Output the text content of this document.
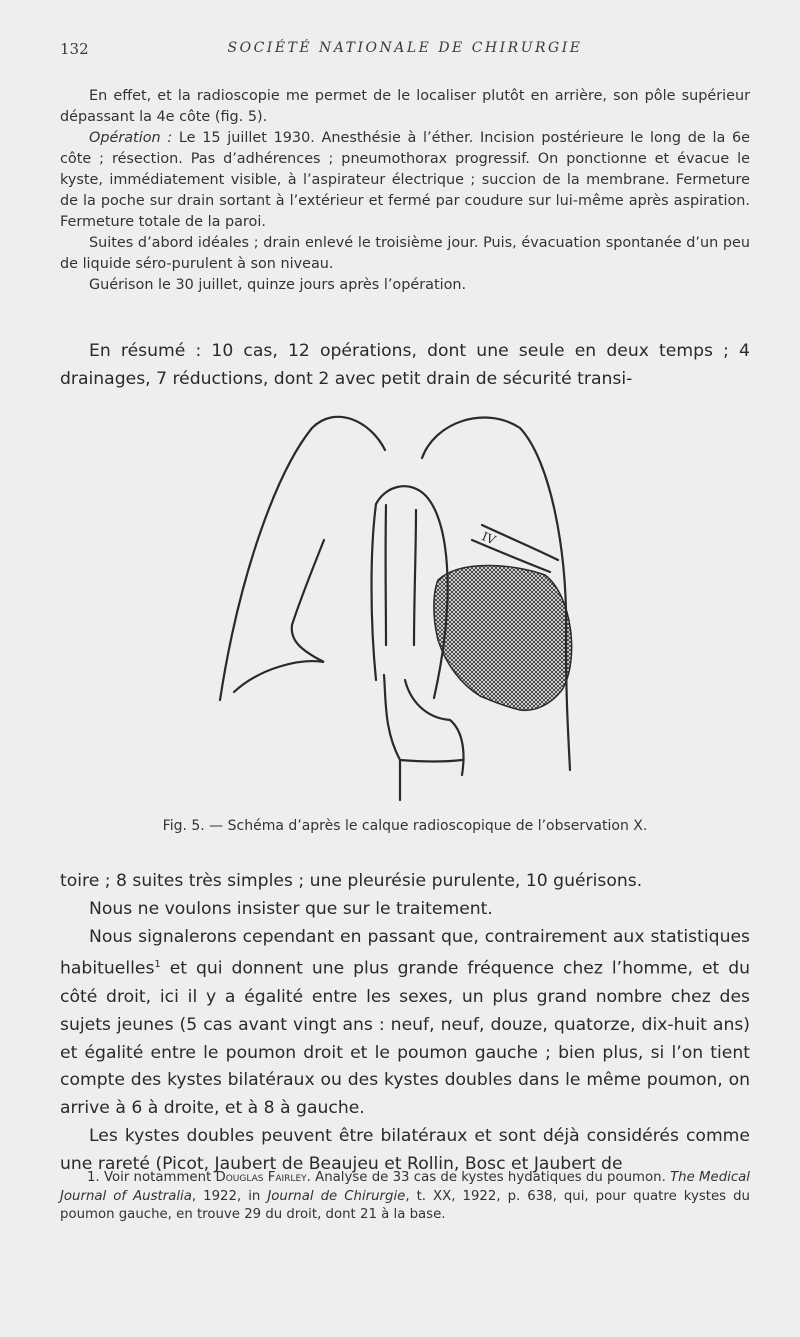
132	SOCIÉTÉ NATIONALE DE CHIRURGIE

En effet, et la radioscopie me permet de le localiser plutôt en arrière, son pôle supérieur dépassant la 4e côte (fig. 5).

Opération : Le 15 juillet 1930. Anesthésie à l’éther. Incision postérieure le long de la 6e côte ; résection. Pas d’adhérences ; pneumothorax progressif. On ponctionne et évacue le kyste, immédiatement visible, à l’aspirateur électrique ; succion de la membrane. Fermeture de la poche sur drain sortant à l’extérieur et fermé par coudure sur lui-même après aspiration. Fermeture totale de la paroi.

Suites d’abord idéales ; drain enlevé le troisième jour. Puis, évacuation spontanée d’un peu de liquide séro-purulent à son niveau.

Guérison le 30 juillet, quinze jours après l’opération.

En résumé : 10 cas, 12 opérations, dont une seule en deux temps ; 4 drainages, 7 réductions, dont 2 avec petit drain de sécurité transi-

IV
Fig. 5. — Schéma d’après le calque radioscopique de l’observation X.

toire ; 8 suites très simples ; une pleurésie purulente, 10 guérisons.

Nous ne voulons insister que sur le traitement.

Nous signalerons cependant en passant que, contrairement aux statistiques habituelles$^1$ et qui donnent une plus grande fréquence chez l’homme, et du côté droit, ici il y a égalité entre les sexes, un plus grand nombre chez des sujets jeunes (5 cas avant vingt ans : neuf, neuf, douze, quatorze, dix-huit ans) et égalité entre le poumon droit et le poumon gauche ; bien plus, si l’on tient compte des kystes bilatéraux ou des kystes doubles dans le même poumon, on arrive à 6 à droite, et à 8 à gauche.

Les kystes doubles peuvent être bilatéraux et sont déjà considérés comme une rareté (Picot, Jaubert de Beaujeu et Rollin, Bosc et Jaubert de

1. Voir notamment Douglas Fairley. Analyse de 33 cas de kystes hydatiques du poumon. The Medical Journal of Australia, 1922, in Journal de Chirurgie, t. XX, 1922, p. 638, qui, pour quatre kystes du poumon gauche, en trouve 29 du droit, dont 21 à la base.
